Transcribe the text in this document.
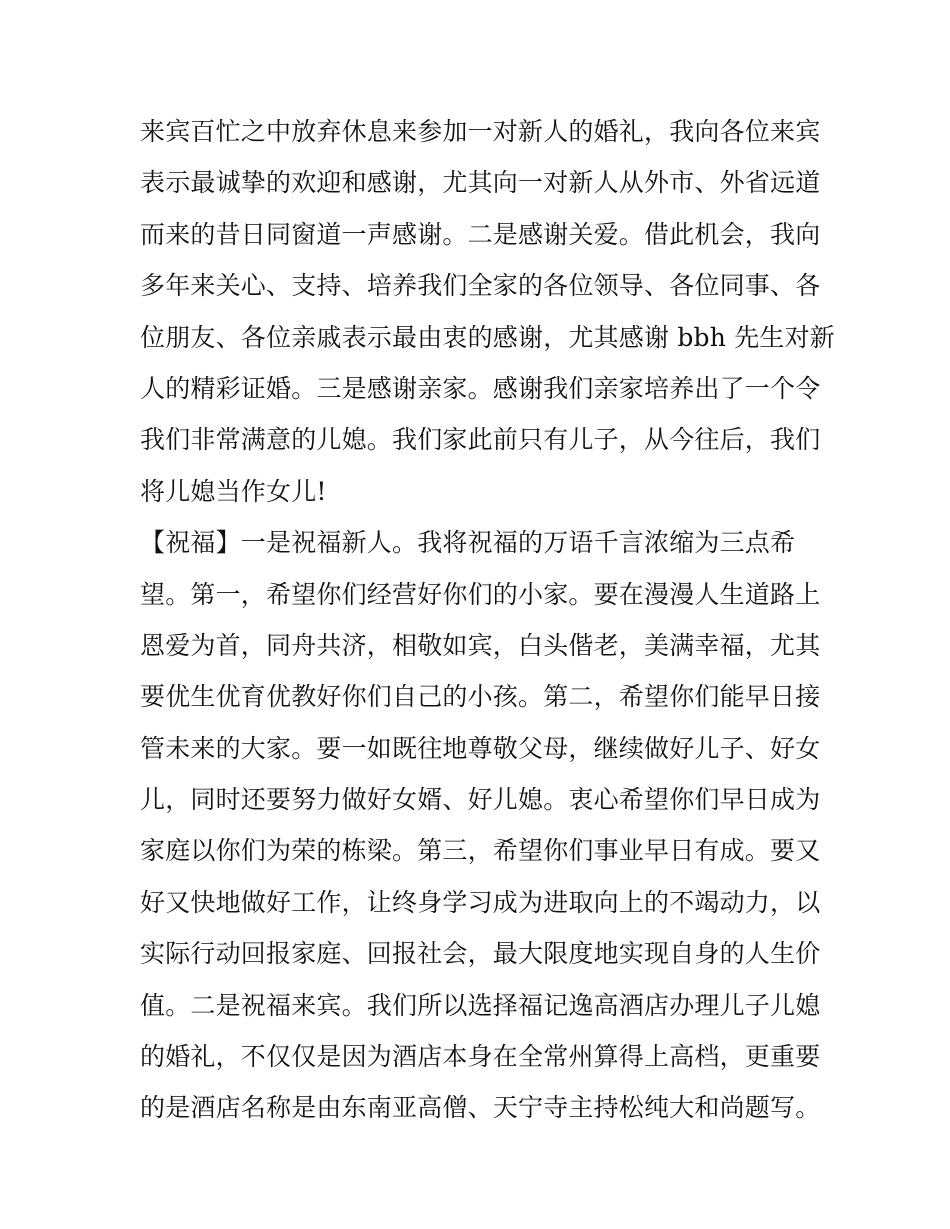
来宾百忙之中放弃休息来参加一对新人的婚礼，我向各位来宾
表示最诚挚的欢迎和感谢，尤其向一对新人从外市、外省远道
而来的昔日同窗道一声感谢。二是感谢关爱。借此机会，我向
多年来关心、支持、培养我们全家的各位领导、各位同事、各
位朋友、各位亲戚表示最由衷的感谢，尤其感谢 bbh 先生对新
人的精彩证婚。三是感谢亲家。感谢我们亲家培养出了一个令
我们非常满意的儿媳。我们家此前只有儿子，从今往后，我们
将儿媳当作女儿!
【祝福】一是祝福新人。我将祝福的万语千言浓缩为三点希
望。第一，希望你们经营好你们的小家。要在漫漫人生道路上
恩爱为首，同舟共济，相敬如宾，白头偕老，美满幸福，尤其
要优生优育优教好你们自己的小孩。第二，希望你们能早日接
管未来的大家。要一如既往地尊敬父母，继续做好儿子、好女
儿，同时还要努力做好女婿、好儿媳。衷心希望你们早日成为
家庭以你们为荣的栋梁。第三，希望你们事业早日有成。要又
好又快地做好工作，让终身学习成为进取向上的不竭动力，以
实际行动回报家庭、回报社会，最大限度地实现自身的人生价
值。二是祝福来宾。我们所以选择福记逸高酒店办理儿子儿媳
的婚礼，不仅仅是因为酒店本身在全常州算得上高档，更重要
的是酒店名称是由东南亚高僧、天宁寺主持松纯大和尚题写。
